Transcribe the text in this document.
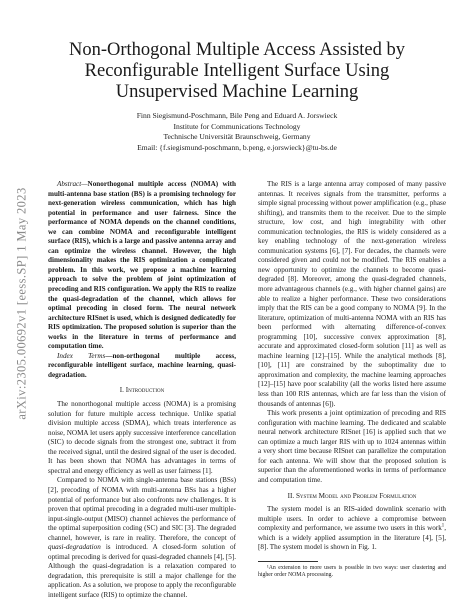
arXiv:2305.00692v1 [eess.SP] 1 May 2023
Non-Orthogonal Multiple Access Assisted by Reconfigurable Intelligent Surface Using Unsupervised Machine Learning
Finn Siegismund-Poschmann, Bile Peng and Eduard A. Jorswieck
Institute for Communications Technology
Technische Universität Braunschweig, Germany
Email: {f.siegismund-poschmann, b.peng, e.jorswieck}@tu-bs.de

Abstract—Nonorthogonal multiple access (NOMA) with multi-antenna base station (BS) is a promising technology for next-generation wireless communication, which has high potential in performance and user fairness. Since the performance of NOMA depends on the channel conditions, we can combine NOMA and reconfigurable intelligent surface (RIS), which is a large and passive antenna array and can optimize the wireless channel. However, the high dimensionality makes the RIS optimization a complicated problem. In this work, we propose a machine learning approach to solve the problem of joint optimization of precoding and RIS configuration. We apply the RIS to realize the quasi-degradation of the channel, which allows for optimal precoding in closed form. The neural network architecture RISnet is used, which is designed dedicatedly for RIS optimization. The proposed solution is superior than the works in the literature in terms of performance and computation time.

Index Terms—non-orthogonal multiple access, reconfigurable intelligent surface, machine learning, quasi-degradation.

I. Introduction

The nonorthogonal multiple access (NOMA) is a promising solution for future multiple access technique. Unlike spatial division multiple access (SDMA), which treats interference as noise, NOMA let users apply successive interference cancellation (SIC) to decode signals from the strongest one, subtract it from the received signal, until the desired signal of the user is decoded. It has been shown that NOMA has advantages in terms of spectral and energy efficiency as well as user fairness [1].

Compared to NOMA with single-antenna base stations (BSs) [2], precoding of NOMA with multi-antenna BSs has a higher potential of performance but also confronts new challenges. It is proven that optimal precoding in a degraded multi-user multiple-input-single-output (MISO) channel achieves the performance of the optimal superposition coding (SC) and SIC [3]. The degraded channel, however, is rare in reality. Therefore, the concept of quasi-degradation is introduced. A closed-form solution of optimal precoding is derived for quasi-degraded channels [4], [5]. Although the quasi-degradation is a relaxation compared to degradation, this prerequisite is still a major challenge for the application. As a solution, we propose to apply the reconfigurable intelligent surface (RIS) to optimize the channel.

The RIS is a large antenna array composed of many passive antennas. It receives signals from the transmitter, performs a simple signal processing without power amplification (e.g., phase shifting), and transmits them to the receiver. Due to the simple structure, low cost, and high integrability with other communication technologies, the RIS is widely considered as a key enabling technology of the next-generation wireless communication systems [6], [7]. For decades, the channels were considered given and could not be modified. The RIS enables a new opportunity to optimize the channels to become quasi-degraded [8]. Moreover, among the quasi-degraded channels, more advantageous channels (e.g., with higher channel gains) are able to realize a higher performance. These two considerations imply that the RIS can be a good company to NOMA [9]. In the literature, optimization of multi-antenna NOMA with an RIS has been performed with alternating difference-of-convex programming [10], successive convex approximation [8], accurate and approximated closed-form solution [11] as well as machine learning [12]–[15]. While the analytical methods [8], [10], [11] are constrained by the suboptimality due to approximation and complexity, the machine learning approaches [12]–[15] have poor scalability (all the works listed here assume less than 100 RIS antennas, which are far less than the vision of thousands of antennas [6]).

This work presents a joint optimization of precoding and RIS configuration with machine learning. The dedicated and scalable neural network architecture RISnet [16] is applied such that we can optimize a much larger RIS with up to 1024 antennas within a very short time because RISnet can parallelize the computation for each antenna. We will show that the proposed solution is superior than the aforementioned works in terms of performance and computation time.

II. System Model and Problem Formulation

The system model is an RIS-aided downlink scenario with multiple users. In order to achieve a compromise between complexity and performance, we assume two users in this work$^1$, which is a widely applied assumption in the literature [4], [5], [8]. The system model is shown in Fig. 1.

¹An extension to more users is possible in two ways: user clustering and higher order NOMA processing.
